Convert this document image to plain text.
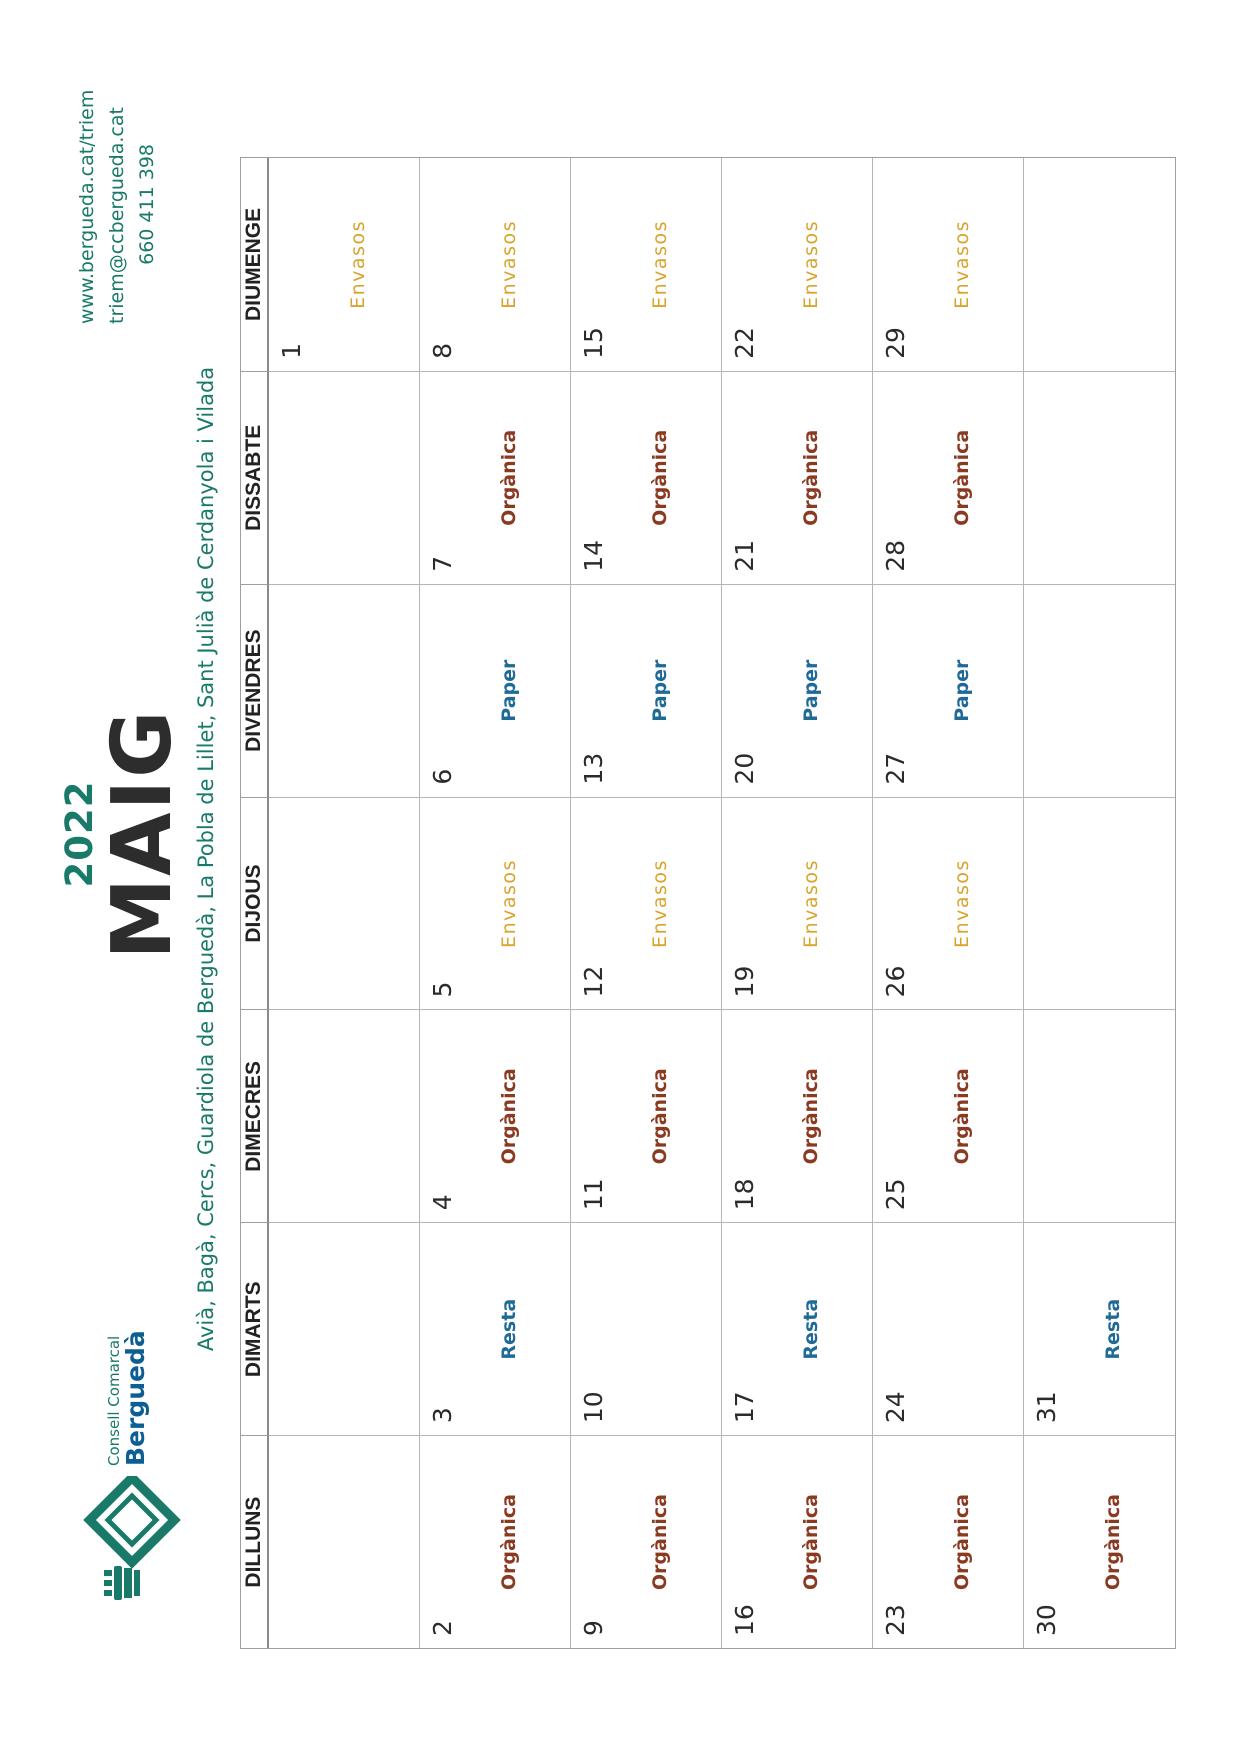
Consell Comarcal
Berguedà
2022
MAIG Avià, Bagà, Cercs, Guardiola de Berguedà, La Pobla de Lillet, Sant Julià de Cerdanyola i Vilada
www.bergueda.cat/triem triem@ccbergueda.cat 660 411 398
DILLUNS
DIMARTS
DIMECRES
DIJOUS
DIVENDRES
DISSABTE
DIUMENGE
1
Envasos
2
Orgànica
3
Resta
4
Orgànica
5
Envasos
6
Paper
7
Orgànica
8
Envasos
9
Orgànica
10
11
Orgànica
12
Envasos
13
Paper
14
Orgànica
15
Envasos
16
Orgànica
17
Resta
18
Orgànica
19
Envasos
20
Paper
21
Orgànica
22
Envasos
23
Orgànica
24
25
Orgànica
26
Envasos
27
Paper
28
Orgànica
29
Envasos
30
Orgànica
31
Resta
